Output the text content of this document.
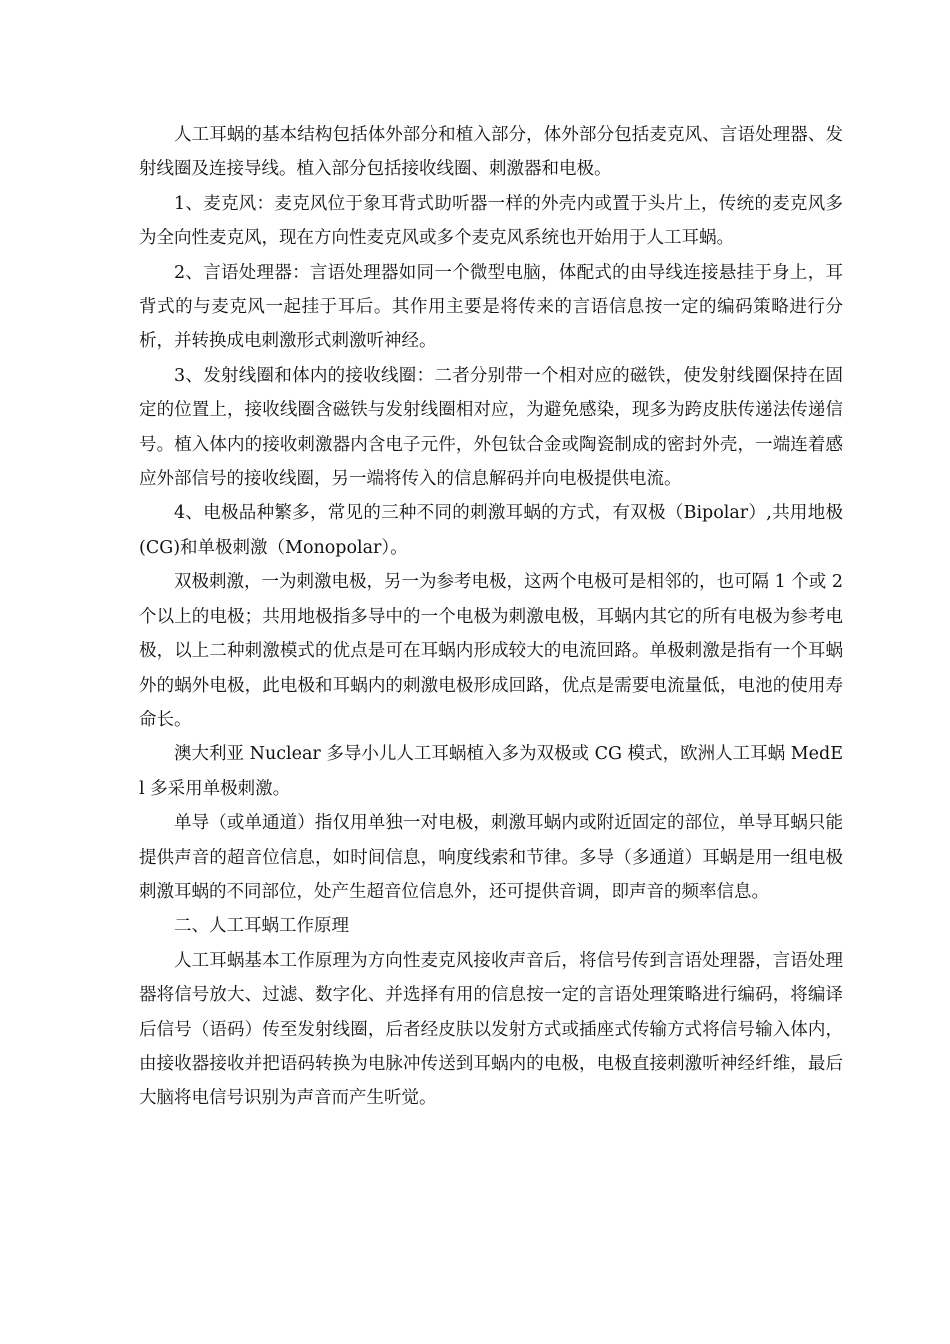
人工耳蜗的基本结构包括体外部分和植入部分，体外部分包括麦克风、言语处理器、发射线圈及连接导线。植入部分包括接收线圈、刺激器和电极。

1、麦克风：麦克风位于象耳背式助听器一样的外壳内或置于头片上，传统的麦克风多为全向性麦克风，现在方向性麦克风或多个麦克风系统也开始用于人工耳蜗。

2、言语处理器：言语处理器如同一个微型电脑，体配式的由导线连接悬挂于身上，耳背式的与麦克风一起挂于耳后。其作用主要是将传来的言语信息按一定的编码策略进行分析，并转换成电刺激形式刺激听神经。

3、发射线圈和体内的接收线圈：二者分别带一个相对应的磁铁，使发射线圈保持在固定的位置上，接收线圈含磁铁与发射线圈相对应，为避免感染，现多为跨皮肤传递法传递信号。植入体内的接收刺激器内含电子元件，外包钛合金或陶瓷制成的密封外壳，一端连着感应外部信号的接收线圈，另一端将传入的信息解码并向电极提供电流。

4、电极品种繁多，常见的三种不同的刺激耳蜗的方式，有双极（Bipolar）,共用地极(CG)和单极刺激（Monopolar）。

双极刺激，一为刺激电极，另一为参考电极，这两个电极可是相邻的，也可隔 1 个或 2 个以上的电极；共用地极指多导中的一个电极为刺激电极，耳蜗内其它的所有电极为参考电极，以上二种刺激模式的优点是可在耳蜗内形成较大的电流回路。单极刺激是指有一个耳蜗外的蜗外电极，此电极和耳蜗内的刺激电极形成回路，优点是需要电流量低，电池的使用寿命长。

澳大利亚 Nuclear 多导小儿人工耳蜗植入多为双极或 CG 模式，欧洲人工耳蜗 MedEl 多采用单极刺激。

单导（或单通道）指仅用单独一对电极，刺激耳蜗内或附近固定的部位，单导耳蜗只能提供声音的超音位信息，如时间信息，响度线索和节律。多导（多通道）耳蜗是用一组电极刺激耳蜗的不同部位，处产生超音位信息外，还可提供音调，即声音的频率信息。

二、人工耳蜗工作原理

人工耳蜗基本工作原理为方向性麦克风接收声音后，将信号传到言语处理器，言语处理器将信号放大、过滤、数字化、并选择有用的信息按一定的言语处理策略进行编码，将编译后信号（语码）传至发射线圈，后者经皮肤以发射方式或插座式传输方式将信号输入体内，由接收器接收并把语码转换为电脉冲传送到耳蜗内的电极，电极直接刺激听神经纤维，最后大脑将电信号识别为声音而产生听觉。
